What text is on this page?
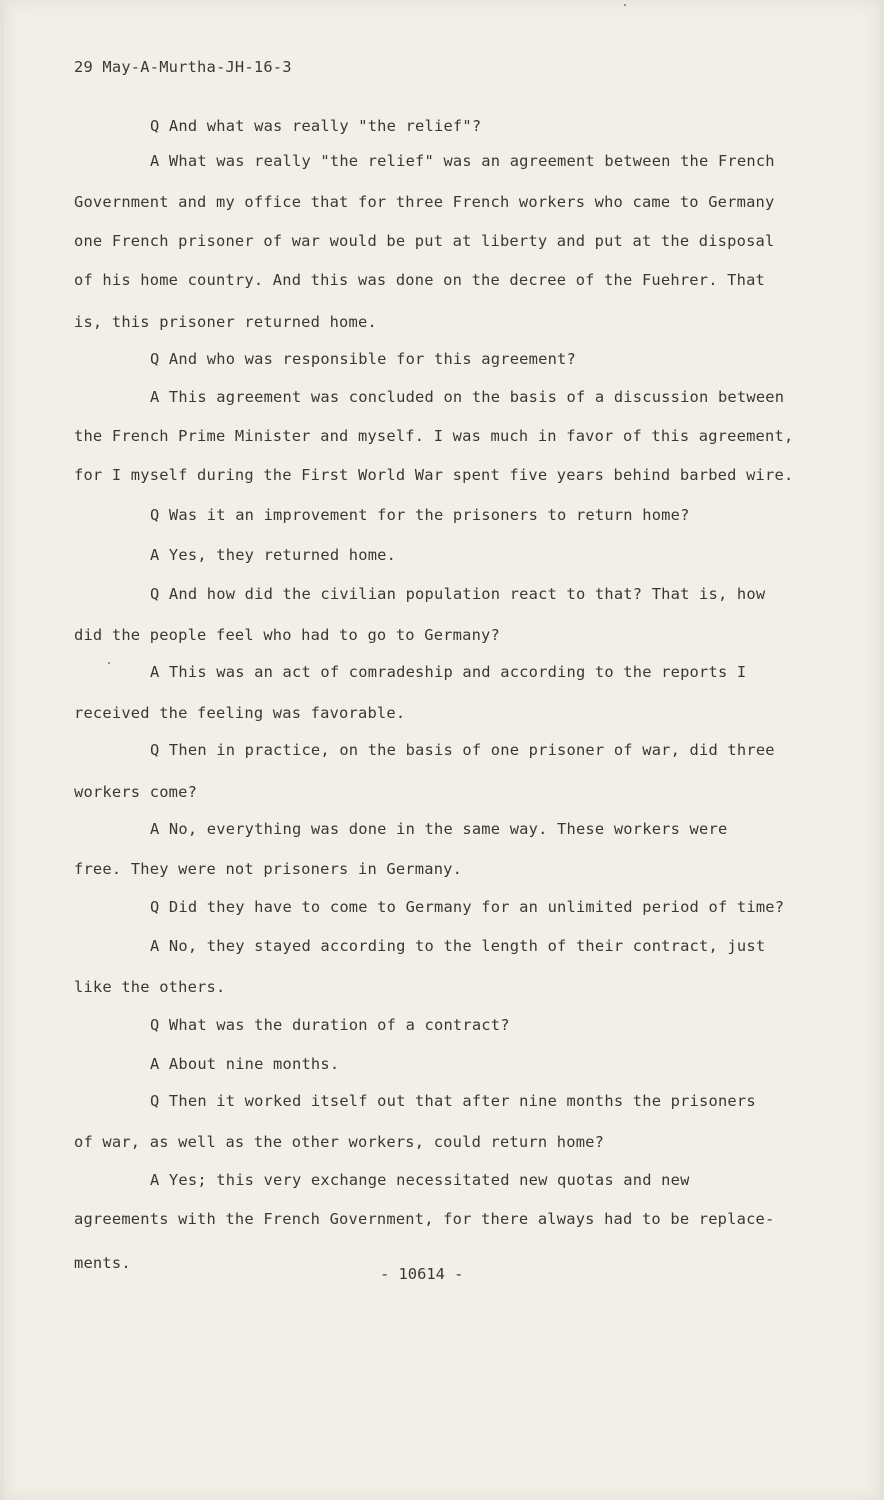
29 May-A-Murtha-JH-16-3
Q And what was really "the relief"?
A What was really "the relief" was an agreement between the French
Government and my office that for three French workers who came to Germany
one French prisoner of war would be put at liberty and put at the disposal
of his home country. And this was done on the decree of the Fuehrer. That
is, this prisoner returned home.
Q And who was responsible for this agreement?
A This agreement was concluded on the basis of a discussion between
the French Prime Minister and myself. I was much in favor of this agreement,
for I myself during the First World War spent five years behind barbed wire.
Q Was it an improvement for the prisoners to return home?
A Yes, they returned home.
Q And how did the civilian population react to that? That is, how
did the people feel who had to go to Germany?
A This was an act of comradeship and according to the reports I
received the feeling was favorable.
Q Then in practice, on the basis of one prisoner of war, did three
workers come?
A No, everything was done in the same way. These workers were
free. They were not prisoners in Germany.
Q Did they have to come to Germany for an unlimited period of time?
A No, they stayed according to the length of their contract, just
like the others.
Q What was the duration of a contract?
A About nine months.
Q Then it worked itself out that after nine months the prisoners
of war, as well as the other workers, could return home?
A Yes; this very exchange necessitated new quotas and new
agreements with the French Government, for there always had to be replace-
ments.
- 10614 -
